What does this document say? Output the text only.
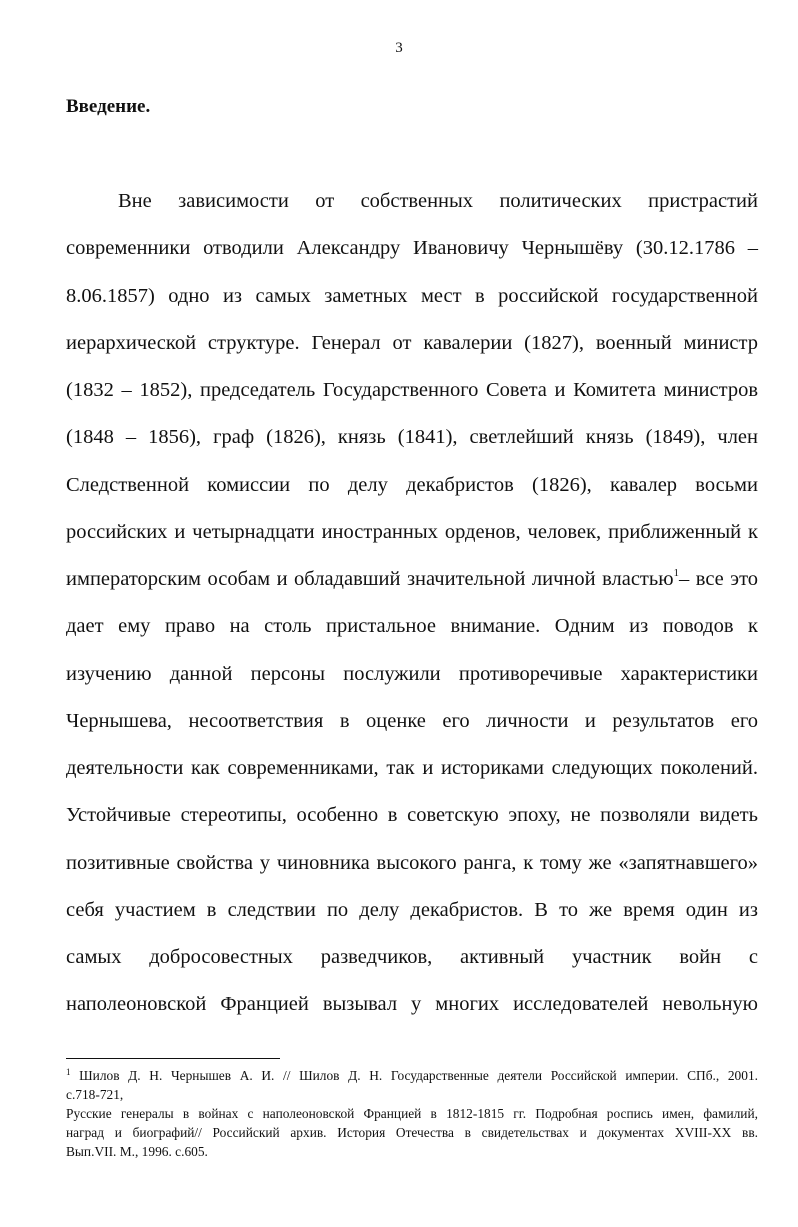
3
Введение.
Вне зависимости от собственных политических пристрастий
современники отводили Александру Ивановичу Чернышёву (30.12.1786 –
8.06.1857) одно из самых заметных мест в российской государственной
иерархической структуре. Генерал от кавалерии (1827), военный министр
(1832 – 1852), председатель Государственного Совета и Комитета министров
(1848 – 1856), граф (1826), князь (1841), светлейший князь (1849), член
Следственной комиссии по делу декабристов (1826), кавалер восьми
российских и четырнадцати иностранных орденов, человек, приближенный к
императорским особам и обладавший значительной личной властью$^1$– все это
дает ему право на столь пристальное внимание. Одним из поводов к
изучению данной персоны послужили противоречивые характеристики
Чернышева, несоответствия в оценке его личности и результатов его
деятельности как современниками, так и историками следующих поколений.
Устойчивые стереотипы, особенно в советскую эпоху, не позволяли видеть
позитивные свойства у чиновника высокого ранга, к тому же «запятнавшего»
себя участием в следствии по делу декабристов. В то же время один из
самых добросовестных разведчиков, активный участник войн с
наполеоновской Францией вызывал у многих исследователей невольную
$^1$ Шилов Д. Н. Чернышев А. И. // Шилов Д. Н. Государственные деятели Российской империи. СПб., 2001.
с.718-721,
Русские генералы в войнах с наполеоновской Францией в 1812-1815 гг. Подробная роспись имен, фамилий,
наград и биографий// Российский архив. История Отечества в свидетельствах и документах XVIII-XX вв.
Вып.VII. М., 1996. с.605.
